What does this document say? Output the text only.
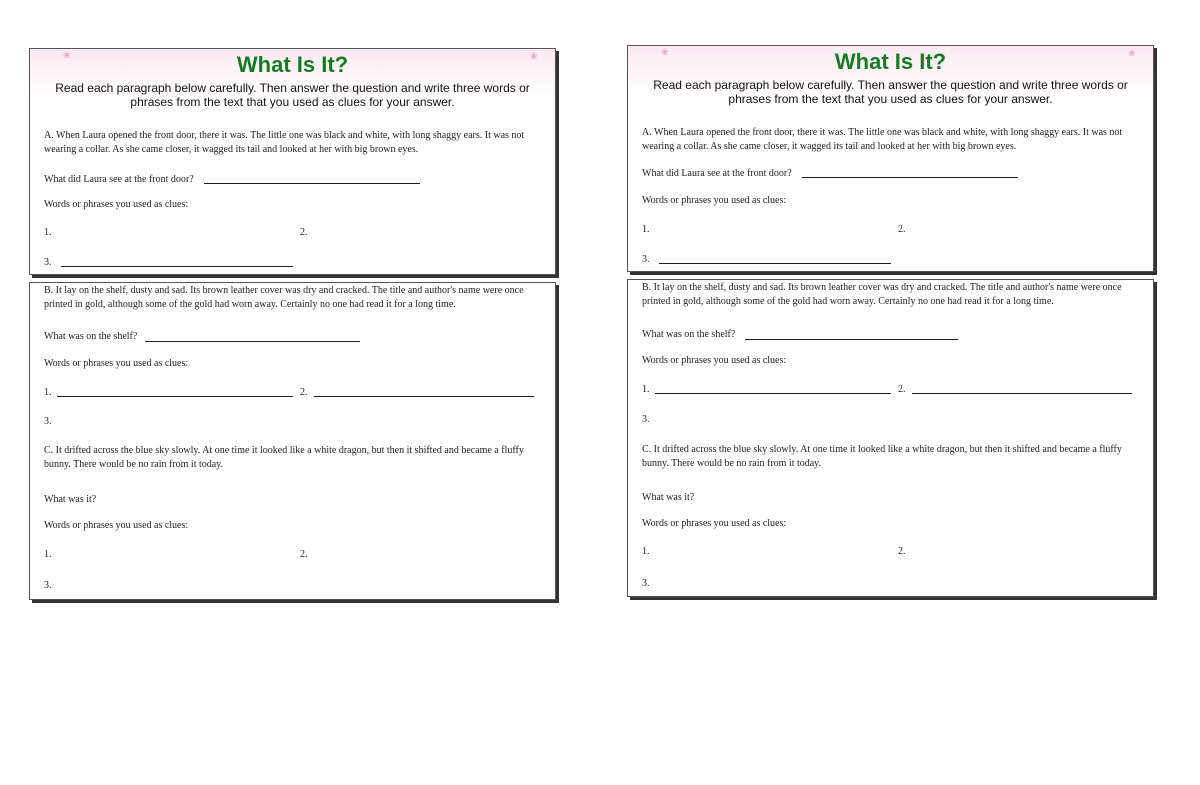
❀	❀
What Is It?
Read each paragraph below carefully. Then answer the question and write three words or phrases from the text that you used as clues for your answer.
A. When Laura opened the front door, there it was. The little one was black and white, with long shaggy ears. It was not wearing a collar. As she came closer, it wagged its tail and looked at her with big brown eyes.
What did Laura see at the front door?
Words or phrases you used as clues:
1.	2.
3.
B. It lay on the shelf, dusty and sad. Its brown leather cover was dry and cracked. The title and author's name were once printed in gold, although some of the gold had worn away. Certainly no one had read it for a long time.
What was on the shelf?
Words or phrases you used as clues:
1.	2.
3.
C. It drifted across the blue sky slowly. At one time it looked like a white dragon, but then it shifted and became a fluffy bunny. There would be no rain from it today.
What was it?
Words or phrases you used as clues:
1.	2.
3.
❀	❀
What Is It?
Read each paragraph below carefully. Then answer the question and write three words or phrases from the text that you used as clues for your answer.
A. When Laura opened the front door, there it was. The little one was black and white, with long shaggy ears. It was not wearing a collar. As she came closer, it wagged its tail and looked at her with big brown eyes.
What did Laura see at the front door?
Words or phrases you used as clues:
1.	2.
3.
B. It lay on the shelf, dusty and sad. Its brown leather cover was dry and cracked. The title and author's name were once printed in gold, although some of the gold had worn away. Certainly no one had read it for a long time.
What was on the shelf?
Words or phrases you used as clues:
1.	2.
3.
C. It drifted across the blue sky slowly. At one time it looked like a white dragon, but then it shifted and became a fluffy bunny. There would be no rain from it today.
What was it?
Words or phrases you used as clues:
1.	2.
3.
